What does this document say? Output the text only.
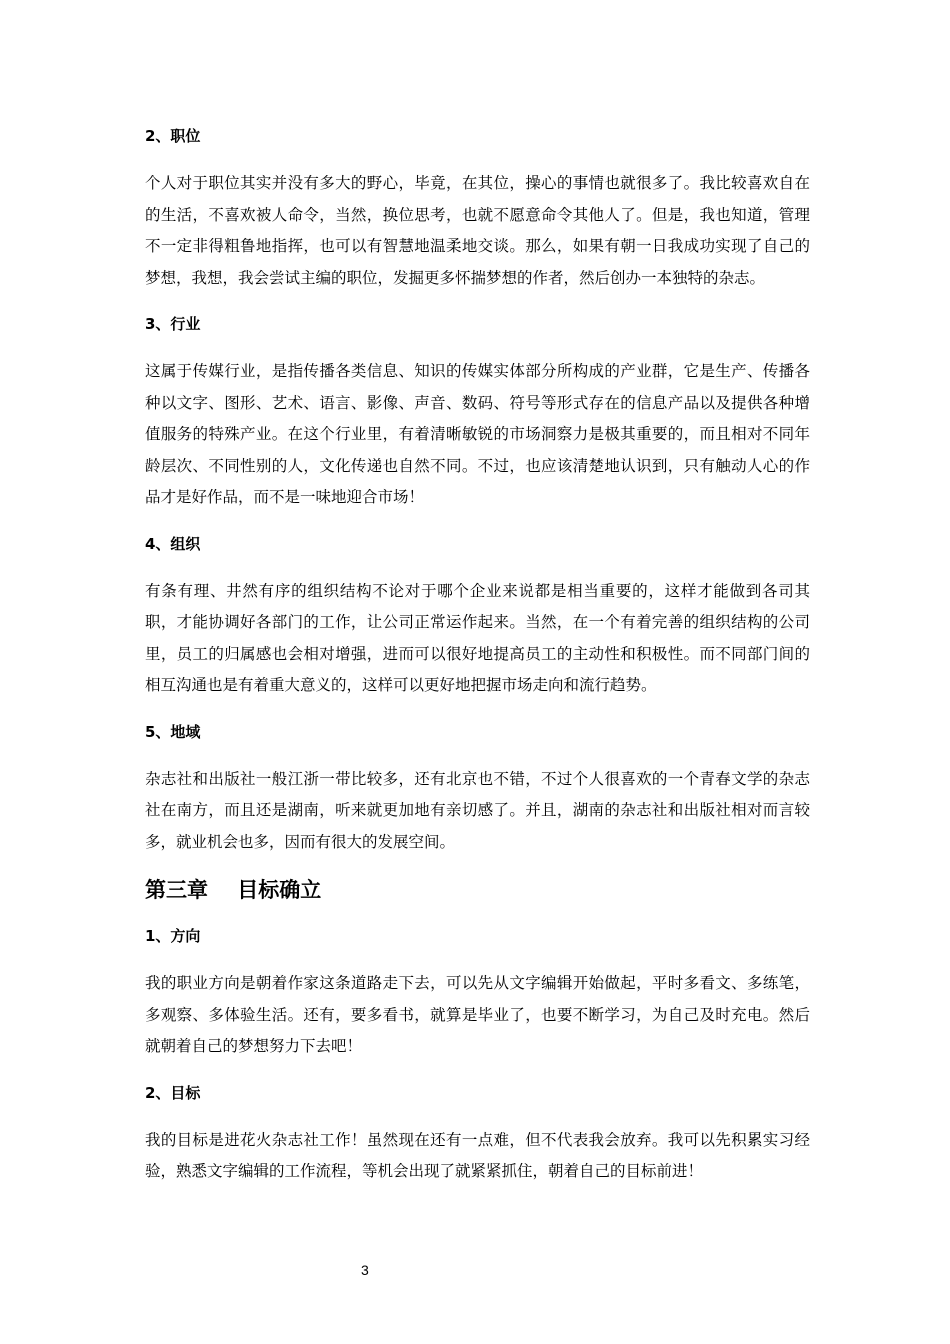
2、职位

个人对于职位其实并没有多大的野心，毕竟，在其位，操心的事情也就很多了。我比较喜欢自在的生活，不喜欢被人命令，当然，换位思考，也就不愿意命令其他人了。但是，我也知道，管理不一定非得粗鲁地指挥，也可以有智慧地温柔地交谈。那么，如果有朝一日我成功实现了自己的梦想，我想，我会尝试主编的职位，发掘更多怀揣梦想的作者，然后创办一本独特的杂志。

3、行业

这属于传媒行业，是指传播各类信息、知识的传媒实体部分所构成的产业群，它是生产、传播各种以文字、图形、艺术、语言、影像、声音、数码、符号等形式存在的信息产品以及提供各种增值服务的特殊产业。在这个行业里，有着清晰敏锐的市场洞察力是极其重要的，而且相对不同年龄层次、不同性别的人，文化传递也自然不同。不过，也应该清楚地认识到，只有触动人心的作品才是好作品，而不是一味地迎合市场！

4、组织

有条有理、井然有序的组织结构不论对于哪个企业来说都是相当重要的，这样才能做到各司其职，才能协调好各部门的工作，让公司正常运作起来。当然，在一个有着完善的组织结构的公司里，员工的归属感也会相对增强，进而可以很好地提高员工的主动性和积极性。而不同部门间的相互沟通也是有着重大意义的，这样可以更好地把握市场走向和流行趋势。

5、地域

杂志社和出版社一般江浙一带比较多，还有北京也不错，不过个人很喜欢的一个青春文学的杂志社在南方，而且还是湖南，听来就更加地有亲切感了。并且，湖南的杂志社和出版社相对而言较多，就业机会也多，因而有很大的发展空间。

第三章    目标确立
1、方向

我的职业方向是朝着作家这条道路走下去，可以先从文字编辑开始做起，平时多看文、多练笔，多观察、多体验生活。还有，要多看书，就算是毕业了，也要不断学习，为自己及时充电。然后就朝着自己的梦想努力下去吧！

2、目标

我的目标是进花火杂志社工作！虽然现在还有一点难，但不代表我会放弃。我可以先积累实习经验，熟悉文字编辑的工作流程，等机会出现了就紧紧抓住，朝着自己的目标前进！

3
